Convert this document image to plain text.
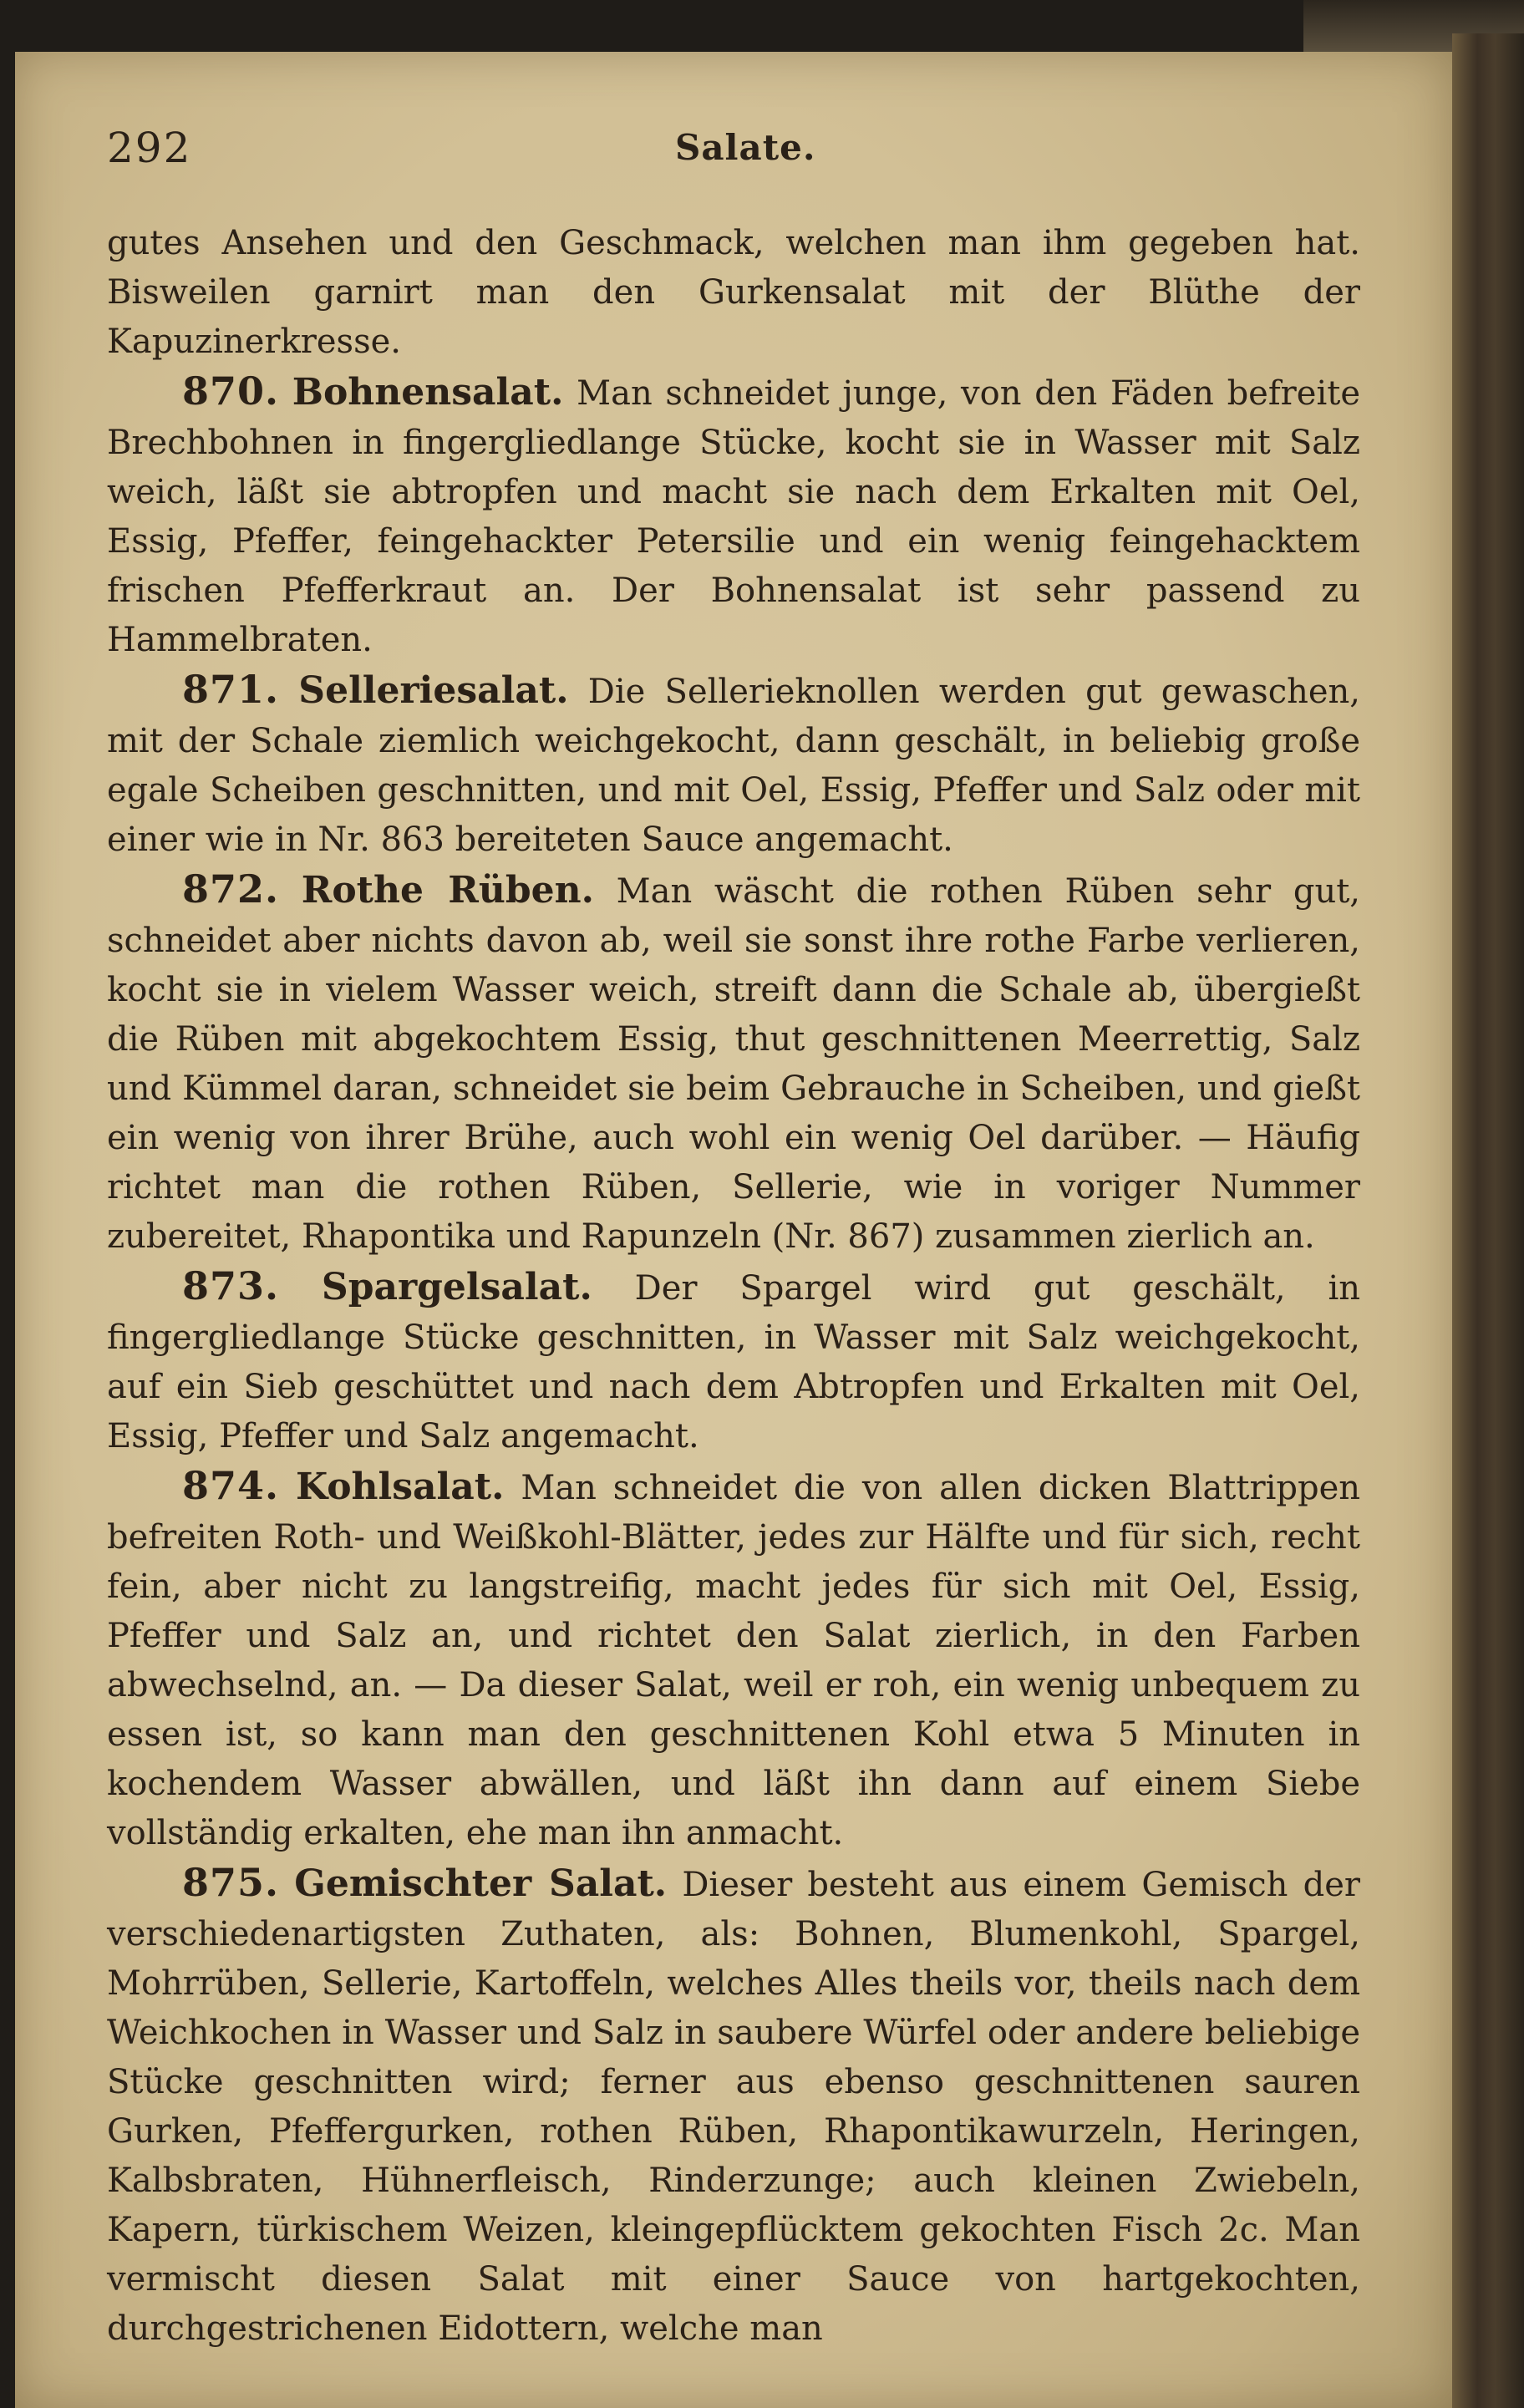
292	Salate.

gutes Ansehen und den Geschmack, welchen man ihm gegeben hat. Bisweilen garnirt man den Gurkensalat mit der Blüthe der Kapuzinerkresse.

870. Bohnensalat. Man schneidet junge, von den Fäden befreite Brechbohnen in fingergliedlange Stücke, kocht sie in Wasser mit Salz weich, läßt sie abtropfen und macht sie nach dem Erkalten mit Oel, Essig, Pfeffer, feingehackter Petersilie und ein wenig feingehacktem frischen Pfefferkraut an. Der Bohnensalat ist sehr passend zu Hammelbraten.

871. Selleriesalat. Die Sellerieknollen werden gut gewaschen, mit der Schale ziemlich weichgekocht, dann geschält, in beliebig große egale Scheiben geschnitten, und mit Oel, Essig, Pfeffer und Salz oder mit einer wie in Nr. 863 bereiteten Sauce angemacht.

872. Rothe Rüben. Man wäscht die rothen Rüben sehr gut, schneidet aber nichts davon ab, weil sie sonst ihre rothe Farbe verlieren, kocht sie in vielem Wasser weich, streift dann die Schale ab, übergießt die Rüben mit abgekochtem Essig, thut geschnittenen Meerrettig, Salz und Kümmel daran, schneidet sie beim Gebrauche in Scheiben, und gießt ein wenig von ihrer Brühe, auch wohl ein wenig Oel darüber. — Häufig richtet man die rothen Rüben, Sellerie, wie in voriger Nummer zubereitet, Rhapontika und Rapunzeln (Nr. 867) zusammen zierlich an.

873. Spargelsalat. Der Spargel wird gut geschält, in fingergliedlange Stücke geschnitten, in Wasser mit Salz weichgekocht, auf ein Sieb geschüttet und nach dem Abtropfen und Erkalten mit Oel, Essig, Pfeffer und Salz angemacht.

874. Kohlsalat. Man schneidet die von allen dicken Blattrippen befreiten Roth- und Weißkohl-Blätter, jedes zur Hälfte und für sich, recht fein, aber nicht zu langstreifig, macht jedes für sich mit Oel, Essig, Pfeffer und Salz an, und richtet den Salat zierlich, in den Farben abwechselnd, an. — Da dieser Salat, weil er roh, ein wenig unbequem zu essen ist, so kann man den geschnittenen Kohl etwa 5 Minuten in kochendem Wasser abwällen, und läßt ihn dann auf einem Siebe vollständig erkalten, ehe man ihn anmacht.

875. Gemischter Salat. Dieser besteht aus einem Gemisch der verschiedenartigsten Zuthaten, als: Bohnen, Blumenkohl, Spargel, Mohrrüben, Sellerie, Kartoffeln, welches Alles theils vor, theils nach dem Weichkochen in Wasser und Salz in saubere Würfel oder andere beliebige Stücke geschnitten wird; ferner aus ebenso geschnittenen sauren Gurken, Pfeffergurken, rothen Rüben, Rhapontikawurzeln, Heringen, Kalbsbraten, Hühnerfleisch, Rinderzunge; auch kleinen Zwiebeln, Kapern, türkischem Weizen, kleingepflücktem gekochten Fisch 2c. Man vermischt diesen Salat mit einer Sauce von hartgekochten, durchgestrichenen Eidottern, welche man
